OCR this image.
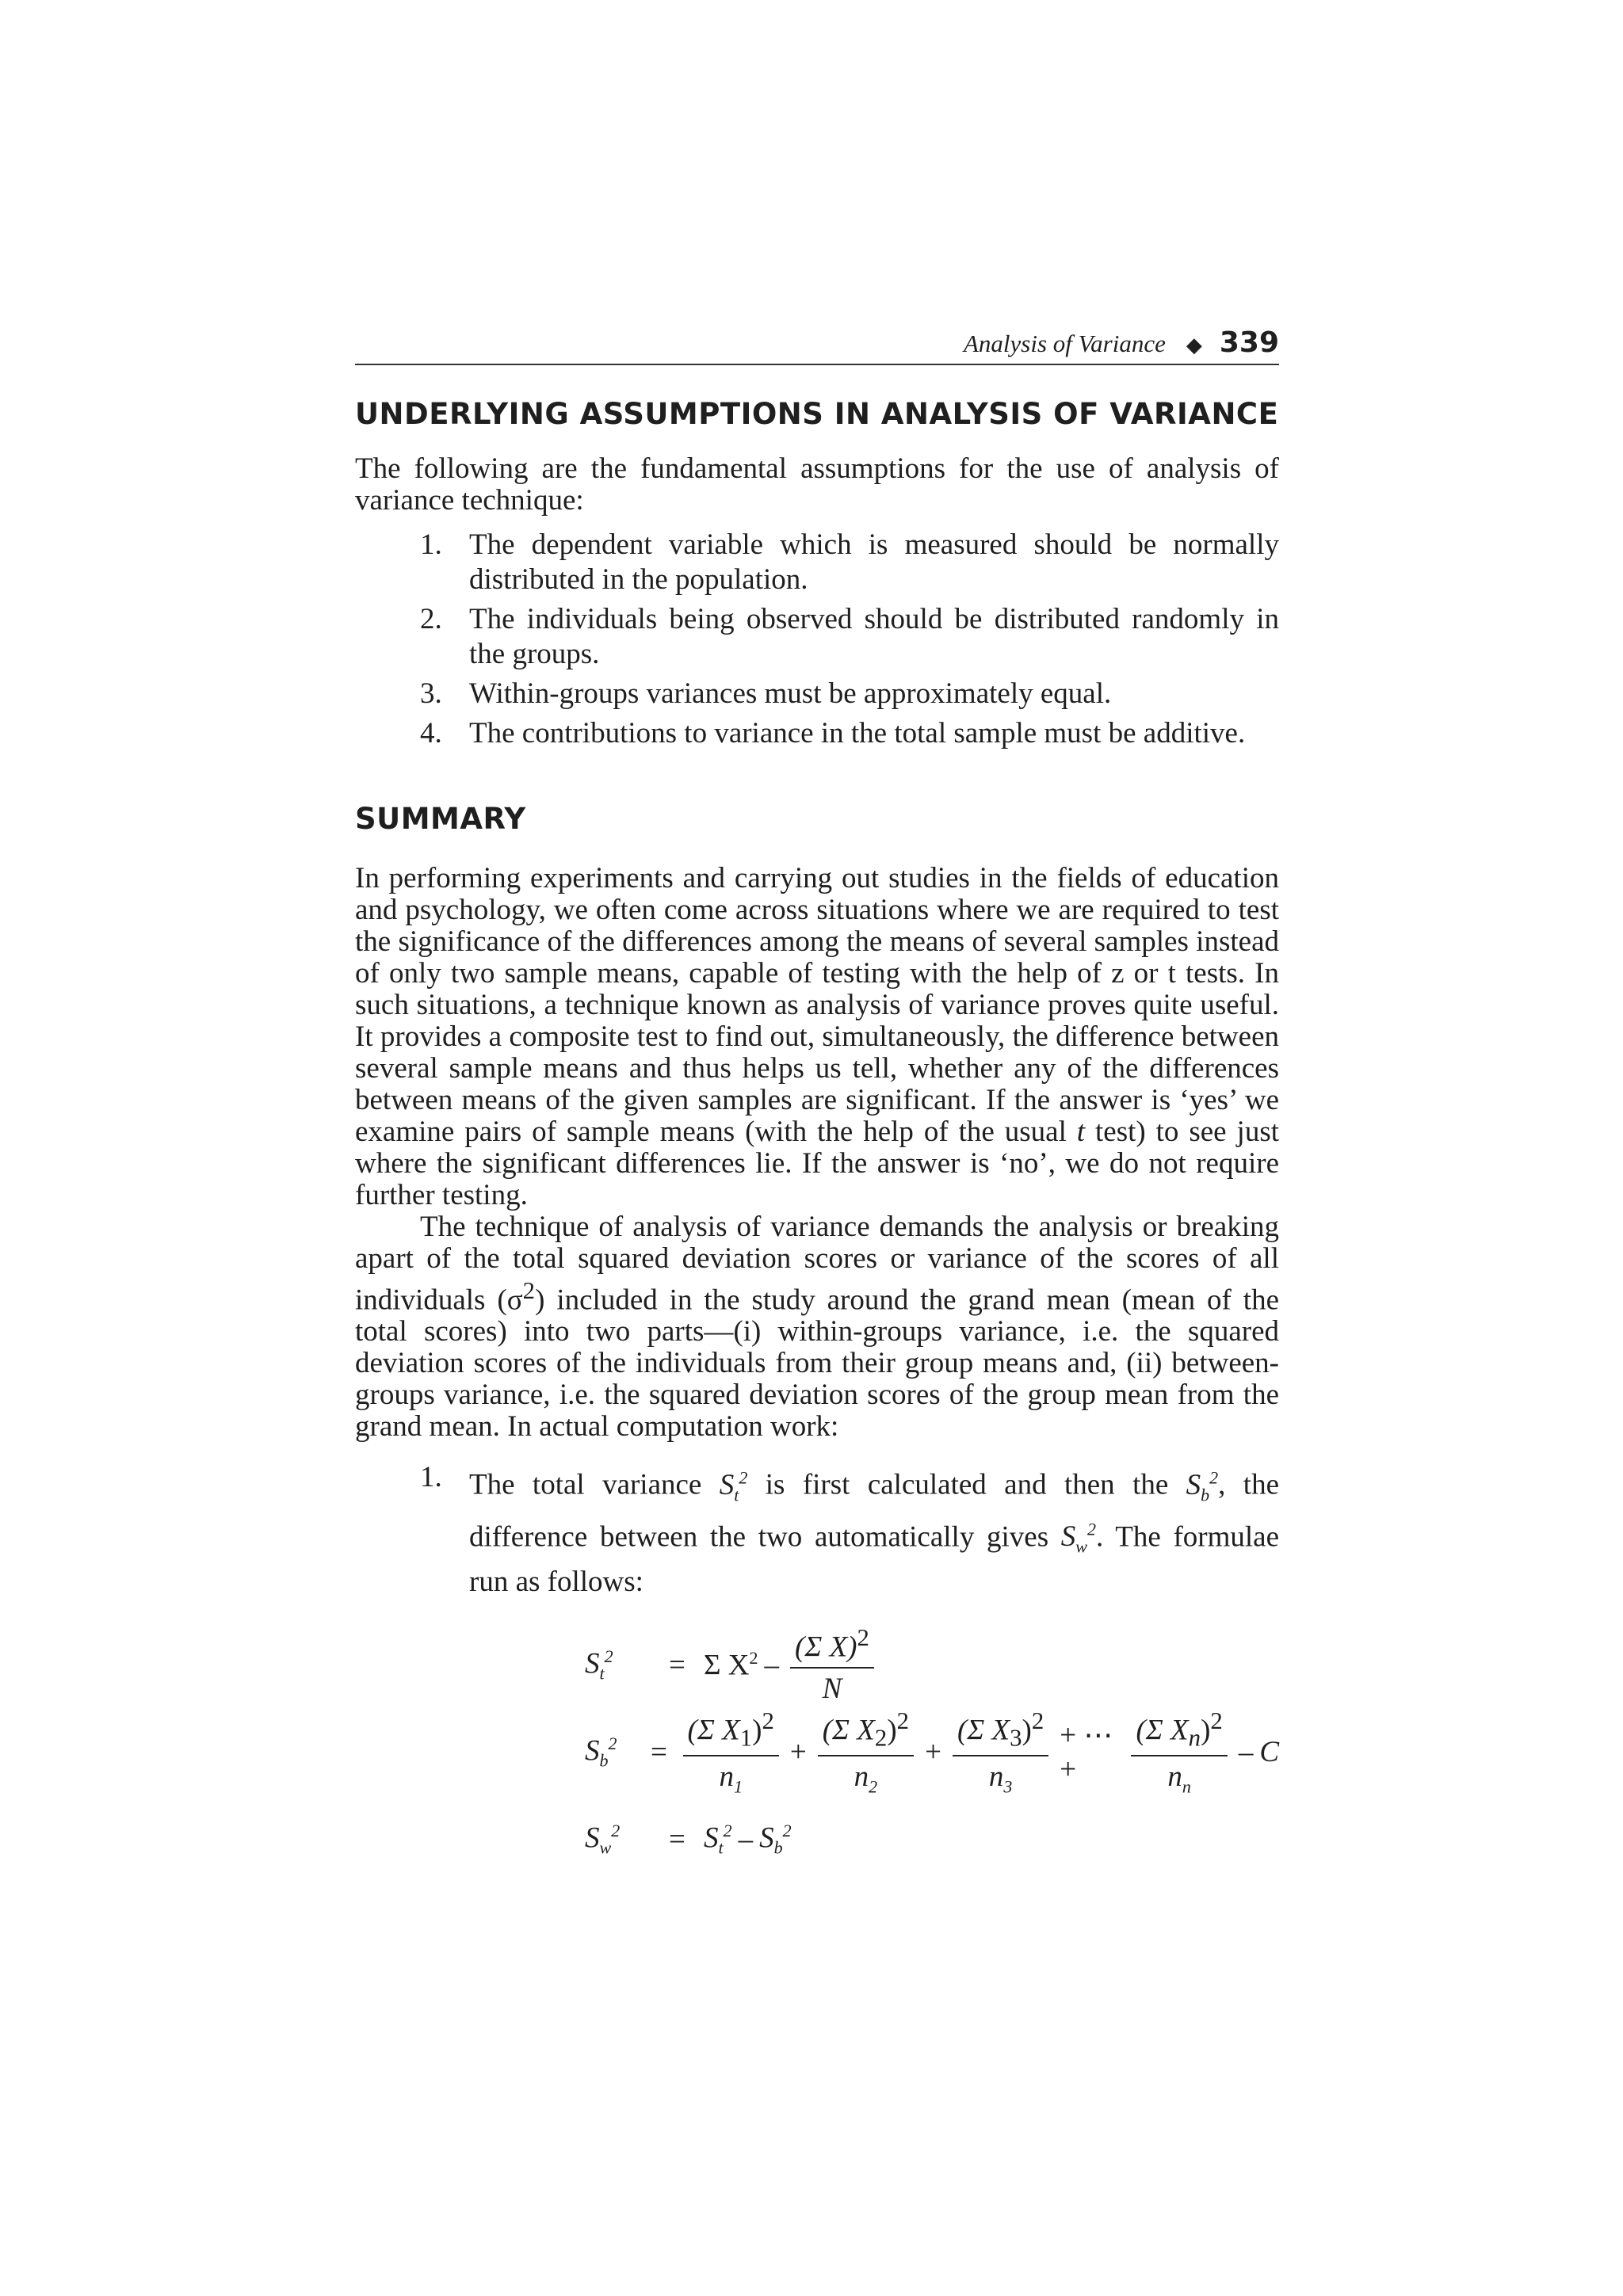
Analysis of Variance ◆ 339
UNDERLYING ASSUMPTIONS IN ANALYSIS OF VARIANCE

The following are the fundamental assumptions for the use of analysis of variance technique:

1. The dependent variable which is measured should be normally distributed in the population.
2. The individuals being observed should be distributed randomly in the groups.
3. Within-groups variances must be approximately equal.
4. The contributions to variance in the total sample must be additive.
SUMMARY

In performing experiments and carrying out studies in the fields of education and psychology, we often come across situations where we are required to test the significance of the differences among the means of several samples instead of only two sample means, capable of testing with the help of z or t tests. In such situations, a technique known as analysis of variance proves quite useful. It provides a composite test to find out, simultaneously, the difference between several sample means and thus helps us tell, whether any of the differences between means of the given samples are significant. If the answer is ‘yes’ we examine pairs of sample means (with the help of the usual t test) to see just where the significant differences lie. If the answer is ‘no’, we do not require further testing.

The technique of analysis of variance demands the analysis or breaking apart of the total squared deviation scores or variance of the scores of all individuals $(\sigma^2)$ included in the study around the grand mean (mean of the total scores) into two parts—(i) within-groups variance, i.e. the squared deviation scores of the individuals from their group means and, (ii) between-groups variance, i.e. the squared deviation scores of the group mean from the grand mean. In actual computation work:

1. The total variance $S_t^2$ is first calculated and then the $S_b^2$, the difference between the two automatically gives $S_w^2$. The formulae run as follows:
$S_t^2$	= Σ $X^2 - \frac{(\Sigma X)^2}{N}$
$S_b^2$	= $\frac{(\Sigma X_1)^2}{n_1} + \frac{(\Sigma X_2)^2}{n_2} + \frac{(\Sigma X_3)^2}{n_3}$ + ⋯ +	$\frac{(\Sigma X_n)^2}{n_n}$ – C
$S_w^2$	= $S_t^2 - S_b^2$
